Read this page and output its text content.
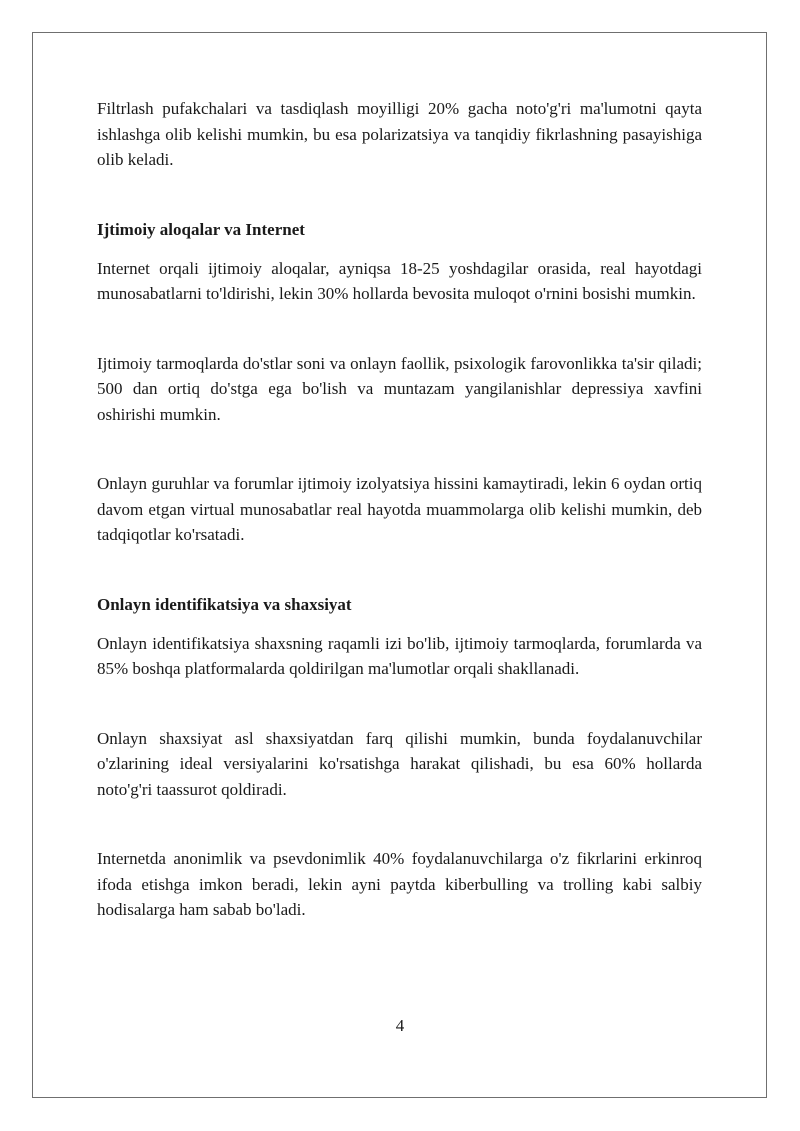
Filtrlash pufakchalari va tasdiqlash moyilligi 20% gacha noto'g'ri ma'lumotni qayta ishlashga olib kelishi mumkin, bu esa polarizatsiya va tanqidiy fikrlashning pasayishiga olib keladi.

Ijtimoiy aloqalar va Internet

Internet orqali ijtimoiy aloqalar, ayniqsa 18-25 yoshdagilar orasida, real hayotdagi munosabatlarni to'ldirishi, lekin 30% hollarda bevosita muloqot o'rnini bosishi mumkin.

Ijtimoiy tarmoqlarda do'stlar soni va onlayn faollik, psixologik farovonlikka ta'sir qiladi; 500 dan ortiq do'stga ega bo'lish va muntazam yangilanishlar depressiya xavfini oshirishi mumkin.

Onlayn guruhlar va forumlar ijtimoiy izolyatsiya hissini kamaytiradi, lekin 6 oydan ortiq davom etgan virtual munosabatlar real hayotda muammolarga olib kelishi mumkin, deb tadqiqotlar ko'rsatadi.

Onlayn identifikatsiya va shaxsiyat

Onlayn identifikatsiya shaxsning raqamli izi bo'lib, ijtimoiy tarmoqlarda, forumlarda va 85% boshqa platformalarda qoldirilgan ma'lumotlar orqali shakllanadi.

Onlayn shaxsiyat asl shaxsiyatdan farq qilishi mumkin, bunda foydalanuvchilar o'zlarining ideal versiyalarini ko'rsatishga harakat qilishadi, bu esa 60% hollarda noto'g'ri taassurot qoldiradi.

Internetda anonimlik va psevdonimlik 40% foydalanuvchilarga o'z fikrlarini erkinroq ifoda etishga imkon beradi, lekin ayni paytda kiberbulling va trolling kabi salbiy hodisalarga ham sabab bo'ladi.

4
